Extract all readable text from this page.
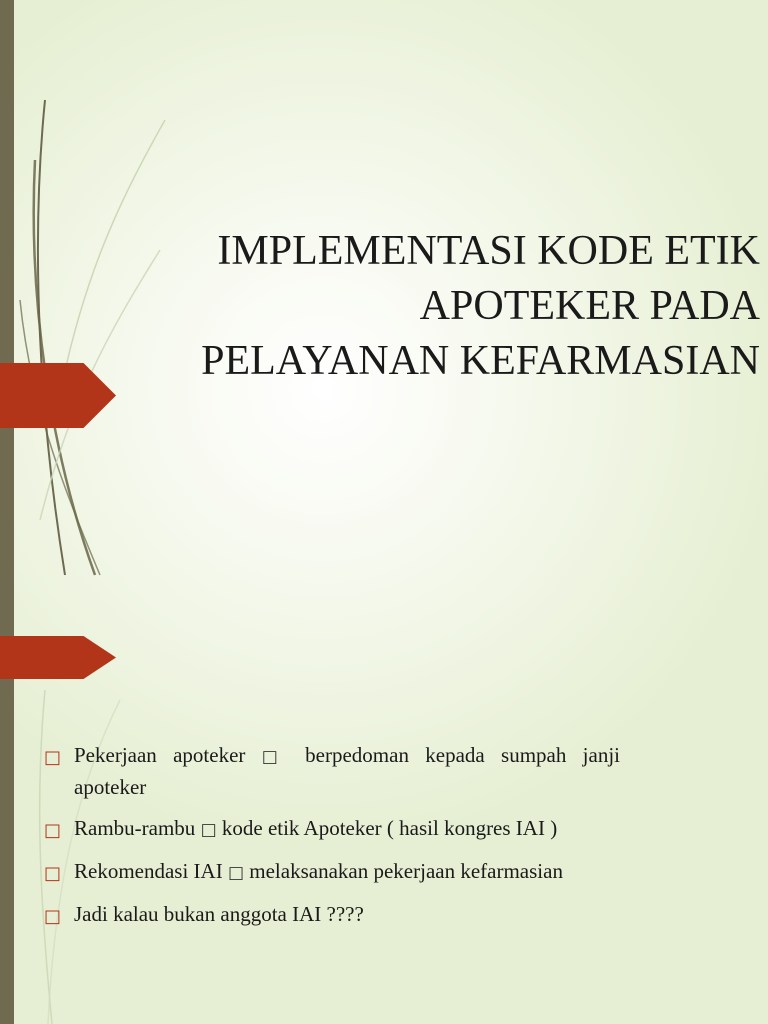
IMPLEMENTASI KODE ETIK
APOTEKER PADA
PELAYANAN KEFARMASIAN
□ Pekerjaan apoteker □ berpedoman kepada sumpah janji apoteker
□ Rambu-rambu □ kode etik Apoteker ( hasil kongres IAI )
□ Rekomendasi IAI □ melaksanakan pekerjaan kefarmasian
□ Jadi kalau bukan anggota IAI ????
